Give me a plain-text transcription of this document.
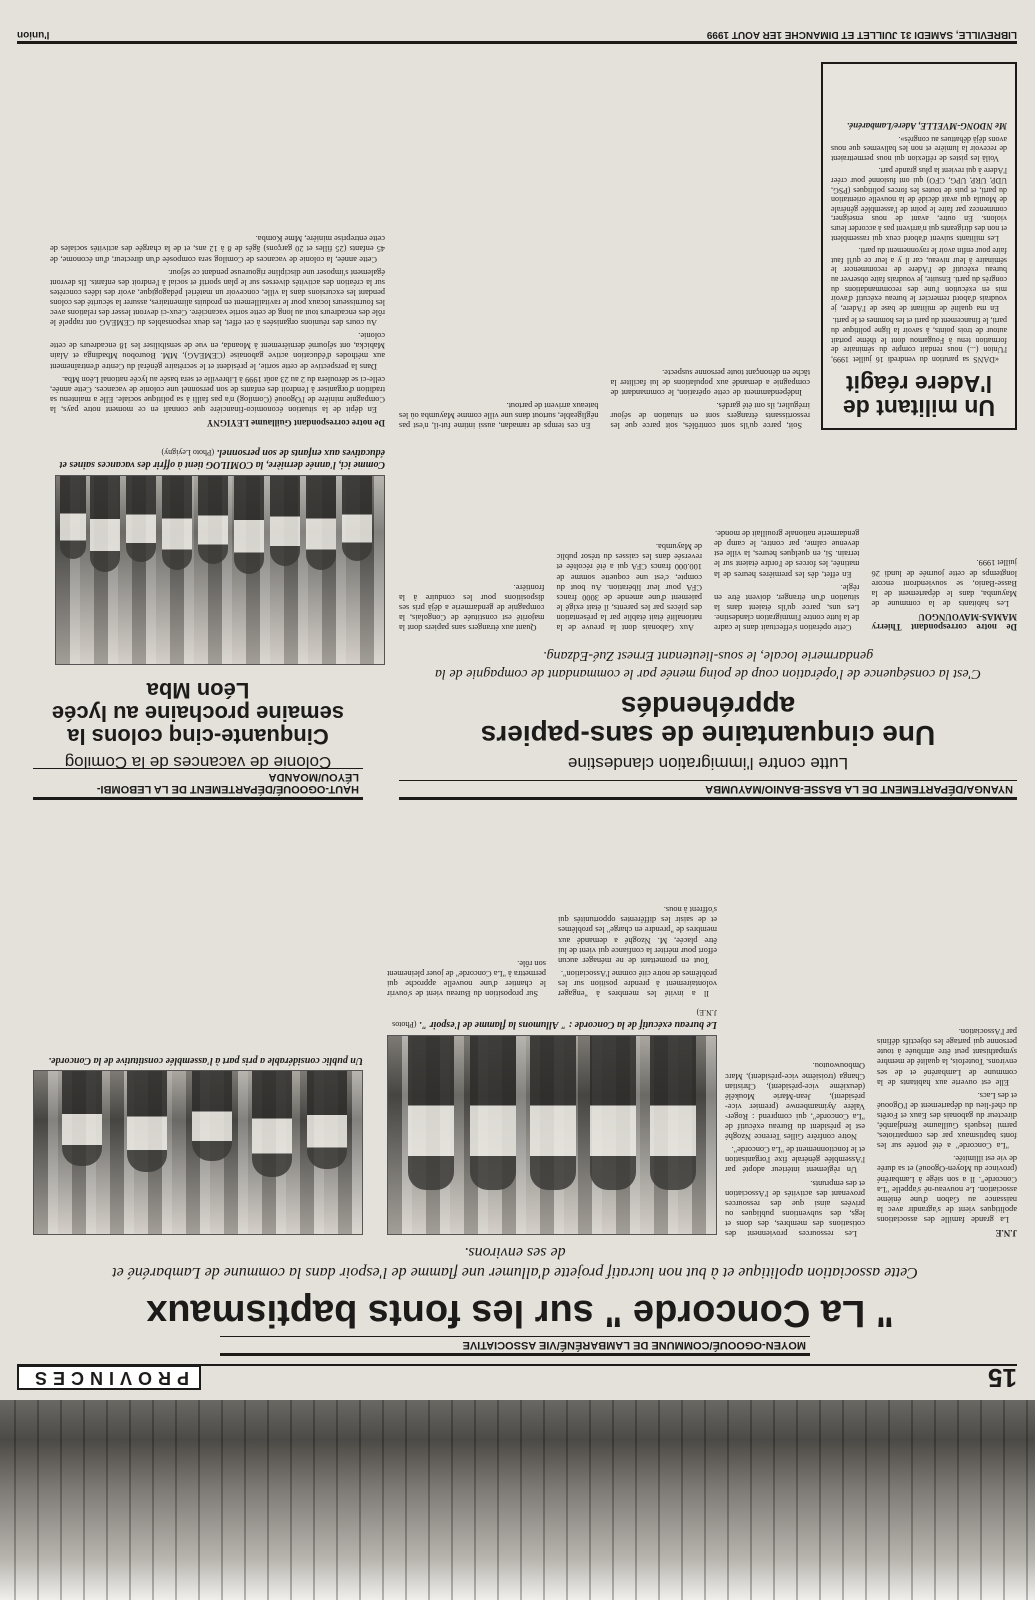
15
PROVINCES
MOYEN-OGOOUÉ/COMMUNE DE LAMBARÉNÉ/VIE ASSOCIATIVE
" La Concorde " sur les fonts baptismaux
Cette association apolitique et à but non lucratif projette d'allumer une flamme de l'espoir dans la commune de Lambaréné et de ses environs.
J.N.E

La grande famille des associations apolitiques vient de s'agrandir avec la naissance au Gabon d'une énième association. Le nouveau-né s'appelle "La Concorde". Il a son siège à Lambaréné (province du Moyen-Ogooué) et sa durée de vie est illimitée.

"La Concorde" a été portée sur les fonts baptismaux par des compatriotes, parmi lesquels Guillaume Rendjambé, directeur du gabonais des Eaux et Forêts du chef-lieu du département de l'Ogooué et des Lacs.

Elle est ouverte aux habitants de la commune de Lambaréné et de ses environs. Toutefois, la qualité de membre sympathisant peut être attribuée à toute personne qui partage les objectifs définis par l'Association.

Les ressources proviennent des cotisations des membres, des dons et legs, des subventions publiques ou privées ainsi que des ressources provenant des activités de l'Association et des emprunts.

Un règlement intérieur adopté par l'Assemblée générale fixe l'organisation et le fonctionnement de "La Concorde".

Notre confrère Gilles Terence Nzoghé est le président du Bureau exécutif de "La Concorde", qui comprend : Roger-Valère Ayimambenwe (premier vice-président), Jean-Marie Moukélé (deuxième vice-président), Christian Changa (troisième vice-président), Marc Ombouwoutou.

Le bureau exécutif de la Concorde : " Allumons la flamme de l'espoir ". (Photos J.N.E)

Il a invité les membres à "engager volontairement à prendre position sur les problèmes de notre cité comme l'Association".

Tout en promettant de ne ménager aucun effort pour mériter la confiance qui vient de lui être placée, M. Nzoghé a demandé aux membres de "prendre en charge" les problèmes et de saisir les différentes opportunités qui s'offrent à nous.

Sur proposition du Bureau vient de s'ouvrir le chantier d'une nouvelle approche qui permettra à "La Concorde" de jouer pleinement son rôle.

Un public considérable a pris part à l'assemblée constitutive de la Concorde.
HAUT-OGOOUÉ/DÉPARTEMENT DE LA LEBOMBI-LÉYOU/MOANDA
Colonie de vacances de la Comilog
Cinquante-cinq colons la semaine prochaine au lycée Léon Mba
Comme ici, l'année dernière, la COMILOG tient à offrir des vacances saines et éducatives aux enfants de son personnel. (Photo Leyigny)
De notre correspondant Guillaume LEYIGNY

En dépit de la situation économico-financière que connaît en ce moment notre pays, la Compagnie minière de l'Ogooué (Comilog) n'a pas failli à sa politique sociale. Elle a maintenu sa tradition d'organiser à l'endroit des enfants de son personnel une colonie de vacances. Cette année, celle-ci se déroulera du 2 au 23 août 1999 à Libreville et sera basée au lycée national Léon Mba.

Dans la perspective de cette sortie, le président et le secrétaire général du Centre d'entraînement aux méthodes d'éducation active gabonaise (CEMEAG), MM. Bourobou Mbadinga et Alain Mabicka, ont séjourné dernièrement à Moanda, en vue de sensibiliser les 18 encadreurs de cette colonie.

Au cours des réunions organisées à cet effet, les deux responsables du CEMEAG ont rappelé le rôle des encadreurs tout au long de cette sortie vacancière. Ceux-ci devront lesser des relations avec les fournisseurs locaux pour le ravitaillement en produits alimentaires, assurer la sécurité des colons pendant les excursions dans la ville, concevoir un matériel pédagogique, avoir des idées concrètes sur la création des activités diverses sur le plan sportif et social à l'endroit des enfants. Ils devront également s'imposer une discipline rigoureuse pendant ce séjour.

Cette année, la colonie de vacances de Comilog sera composée d'un directeur, d'un économe, de 45 enfants (25 filles et 20 garçons) âgés de 8 à 12 ans, et de la chargée des activités sociales de cette entreprise minière, Mme Komba.

NYANGA/DÉPARTEMENT DE LA BASSE-BANIO/MAYUMBA
Lutte contre l'immigration clandestine
Une cinquantaine de sans-papiers appréhendés
C'est la conséquence de l'opération coup de poing menée par le commandant de compagnie de la gendarmerie locale, le sous-lieutenant Ernest Zué-Edzang.
De notre correspondant Thierry MAMAS-MAVOUNGOU

Les habitants de la commune de Mayumba, dans le département de la Basse-Banio, se souviendront encore longtemps de cette journée de lundi 26 juillet 1999.

Cette opération s'effectuait dans le cadre de la lutte contre l'immigration clandestine. Les uns, parce qu'ils étaient dans la situation d'un étranger, doivent être en règle.

En effet, dès les premières heures de la matinée, les forces de l'ordre étaient sur le terrain. Si, en quelques heures, la ville est devenue calme, par contre, le camp de gendarmerie nationale grouillait de monde.

Aux Gabonais dont la preuve de la nationalité était établie par la présentation des pièces par les parents, il était exigé le paiement d'une amende de 3000 francs CFA pour leur libération. Au bout du compte, c'est une coquette somme de 100.000 francs CFA qui a été récoltée et reversée dans les caisses du trésor public de Mayumba.

Quant aux étrangers sans papiers dont la majorité est constituée de Congolais, la compagnie de gendarmerie a déjà pris ses dispositions pour les conduire à la frontière.

Soit, parce qu'ils sont contrôlés, soit parce que les ressortissants étrangers sont en situation de séjour irrégulier, ils ont été gardés.

Indépendamment de cette opération, le commandant de compagnie a demandé aux populations de lui faciliter la tâche en dénonçant toute personne suspecte.

En ces temps de ramadan, aussi intime fut-il, n'est pas négligeable, surtout dans une ville comme Mayumba où les bateaux arrivent de partout.	Un militant de l'Adere réagit

«DANS sa parution du vendredi 16 juillet 1999, l'Union (...) nous rendait compte du séminaire de formation tenu à Fougamou dont le thème portait autour de trois points, à savoir la ligne politique du parti, le financement du parti et les hommes et le parti.

En ma qualité de militant de base de l'Adere, je voudrais d'abord remercier le bureau exécutif d'avoir mis en exécution l'une des recommandations du congrès du parti. Ensuite, je voudrais faire observer au bureau exécutif de l'Adere de recommencer le séminaire à leur niveau, car il y a leur ce qu'il faut faire pour enfin avoir le rayonnement du parti.

Les militants suivent d'abord ceux qui rassemblent et non des dirigeants qui n'arrivent pas à accorder leurs violons. En outre, avant de nous enseigner, commencez par faire le point de l'assemblée générale de Mouila qui avait décidé de la nouvelle orientation du parti, et puis de toutes les forces politiques (PSG, UDP, URP, UPG, CFO) qui ont fusionné pour créer l'Adere à qui revient la plus grande part.

Voilà les pistes de réflexion qui nous permettraient de recevoir la lumière et non les balivernes que nous avons déjà débattues au congrès».

Me NDONG-MVELLE, Adere/Lambaréné.
LIBREVILLE, SAMEDI 31 JUILLET ET DIMANCHE 1ER AOUT 1999
l'union
